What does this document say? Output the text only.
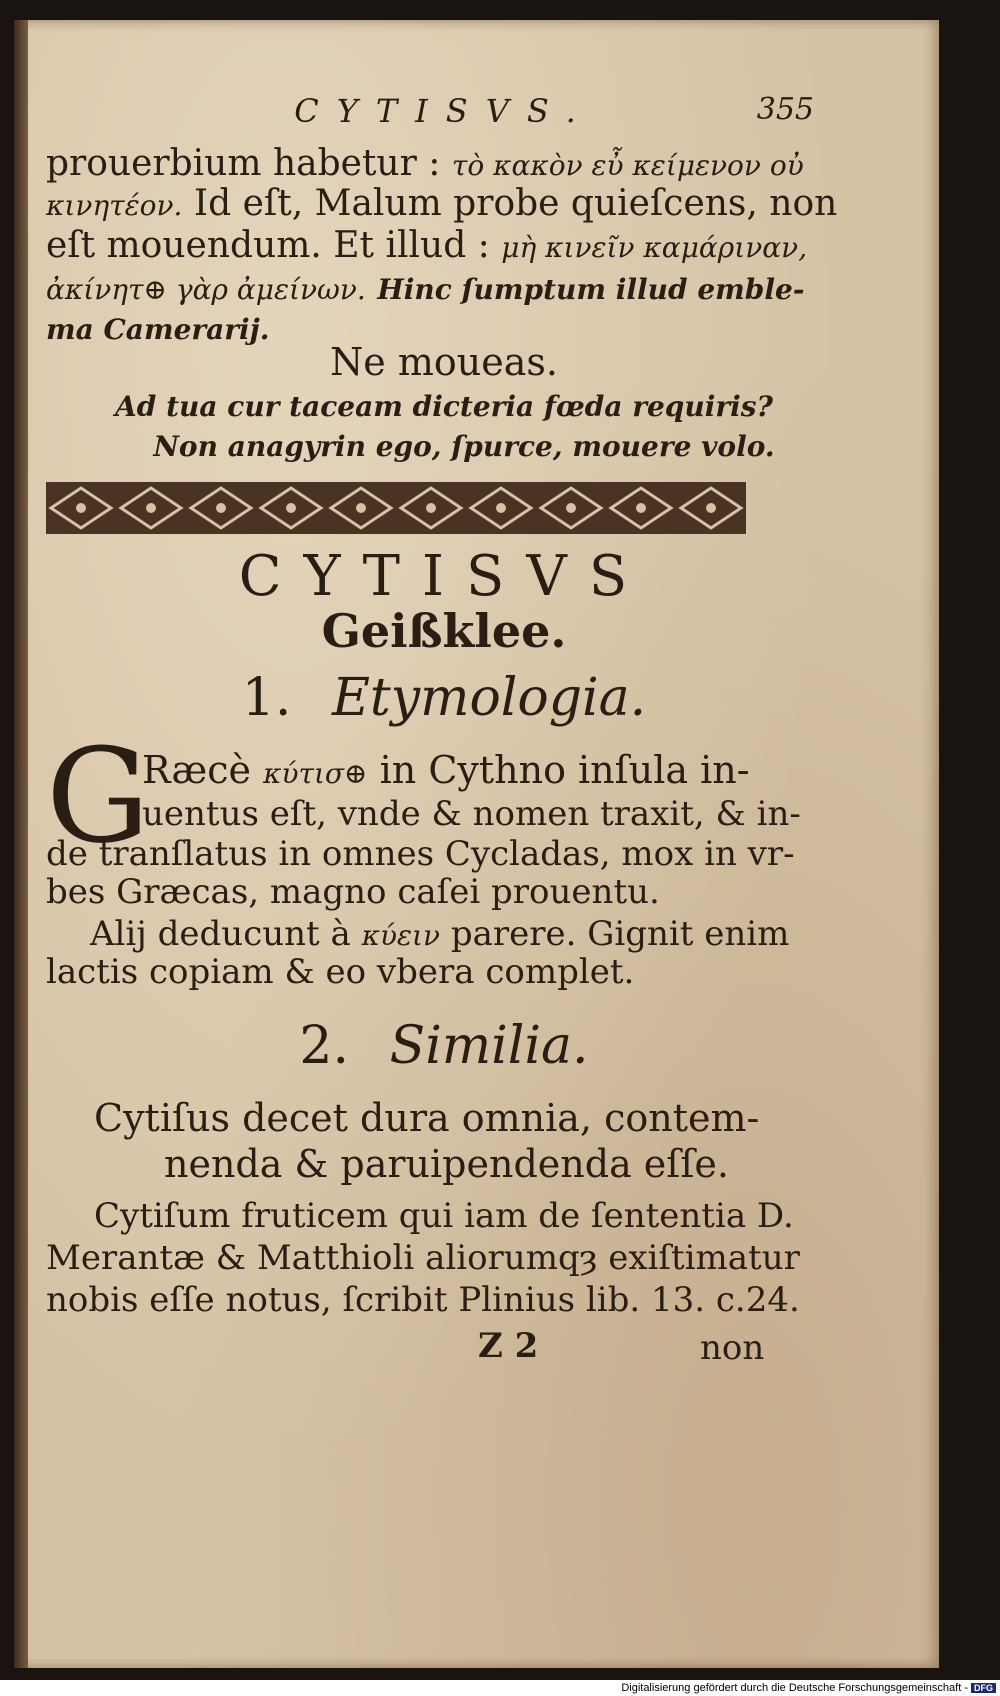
CYTISVS.	355
prouerbium habetur : τὸ κακὸν εὖ κείμενον οὐ
κινητέον. Id eſt, Malum probe quieſcens, non
eſt mouendum. Et illud : μὴ κινεῖν καμάριναν,
ἀκίνητ⊕ γὰρ ἀμείνων. Hinc ſumptum illud emble-
ma Camerarij.
Ne moueas.
Ad tua cur taceam dicteria fœda requiris?
Non anagyrin ego, ſpurce, mouere volo.
CYTISVS
Geißklee.
1. Etymologia.
G
Ræcè κύτισ⊕ in Cythno inſula in-
uentus eſt, vnde & nomen traxit, & in-
de tranſlatus in omnes Cycladas, mox in vr-
bes Græcas, magno caſei prouentu.
Alij deducunt à κύειν parere. Gignit enim
lactis copiam & eo vbera complet.
2. Similia.
Cytiſus decet dura omnia, contem-
nenda & paruipendenda eſſe.
Cytiſum fruticem qui iam de ſententia D.
Merantæ & Matthioli aliorumqȝ exiſtimatur
nobis eſſe notus, ſcribit Plinius lib. 13. c.24.
Z 2	non
Digitalisierung gefördert durch die Deutsche Forschungsgemeinschaft - DFG
